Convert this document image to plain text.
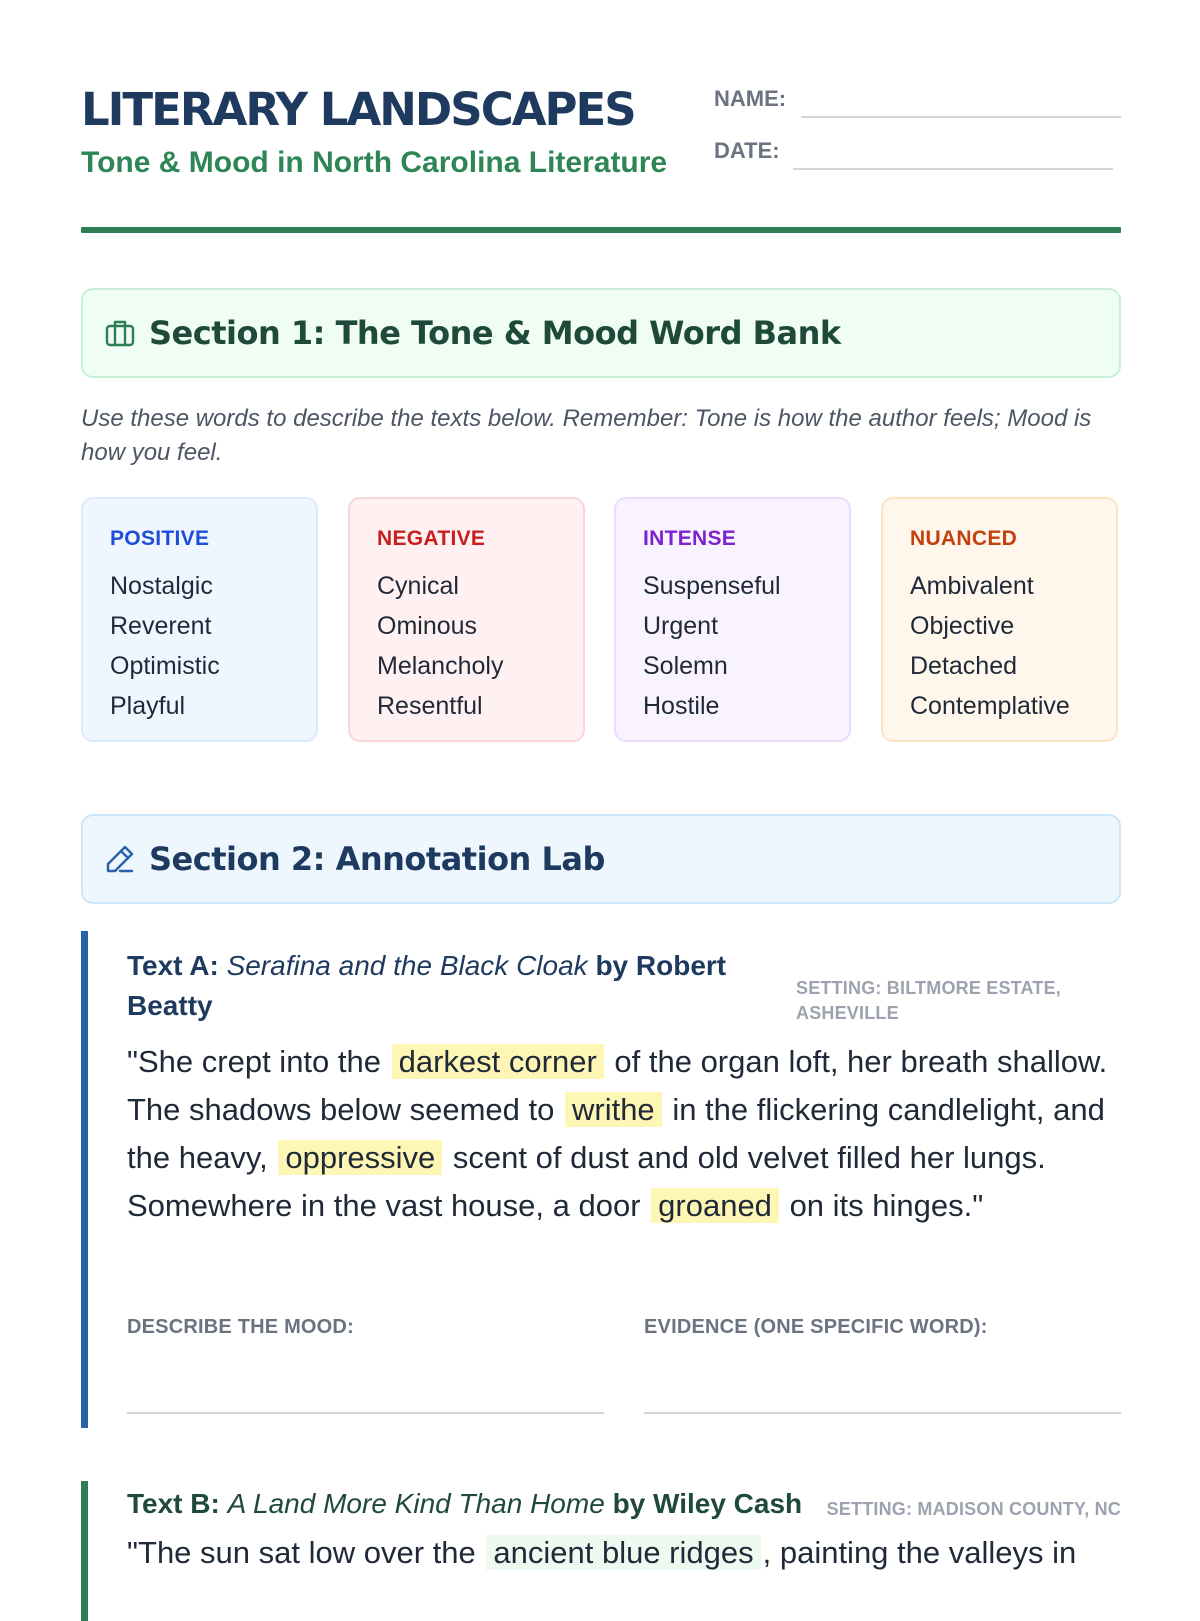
LITERARY LANDSCAPES
Tone & Mood in North Carolina Literature
NAME:
DATE:
Section 1: The Tone & Mood Word Bank

Use these words to describe the texts below. Remember: Tone is how the author feels; Mood is how you feel.

POSITIVE
Nostalgic
Reverent
Optimistic
Playful
NEGATIVE
Cynical
Ominous
Melancholy
Resentful
INTENSE
Suspenseful
Urgent
Solemn
Hostile
NUANCED
Ambivalent
Objective
Detached
Contemplative
Section 2: Annotation Lab

Text A: Serafina and the Black Cloak by Robert Beatty

SETTING: BILTMORE ESTATE,
ASHEVILLE

"She crept into the darkest corner of the organ loft, her breath shallow. The shadows below seemed to writhe in the flickering candlelight, and the heavy, oppressive scent of dust and old velvet filled her lungs. Somewhere in the vast house, a door groaned on its hinges."

DESCRIBE THE MOOD:	EVIDENCE (ONE SPECIFIC WORD):

Text B: A Land More Kind Than Home by Wiley Cash	SETTING: MADISON COUNTY, NC

"The sun sat low over the ancient blue ridges , painting the valleys in
